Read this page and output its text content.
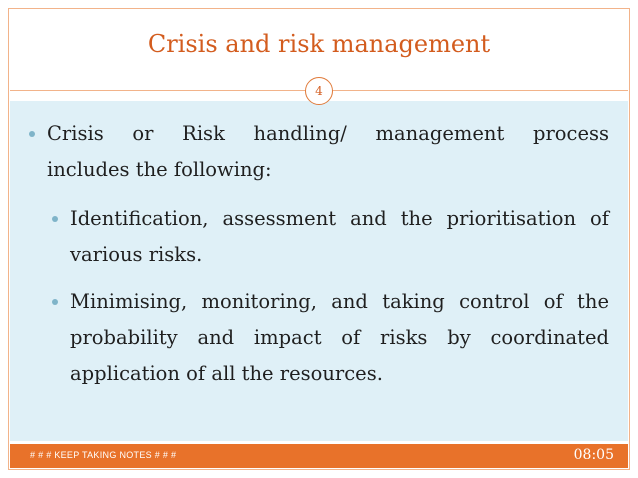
Crisis and risk management
4
Crisis or Risk handling/ management process
includes the following:
Identification, assessment and the prioritisation of
various risks.
Minimising, monitoring, and taking control of the
probability and impact of risks by coordinated
application of all the resources.
# # # KEEP TAKING NOTES # # #	08:05
